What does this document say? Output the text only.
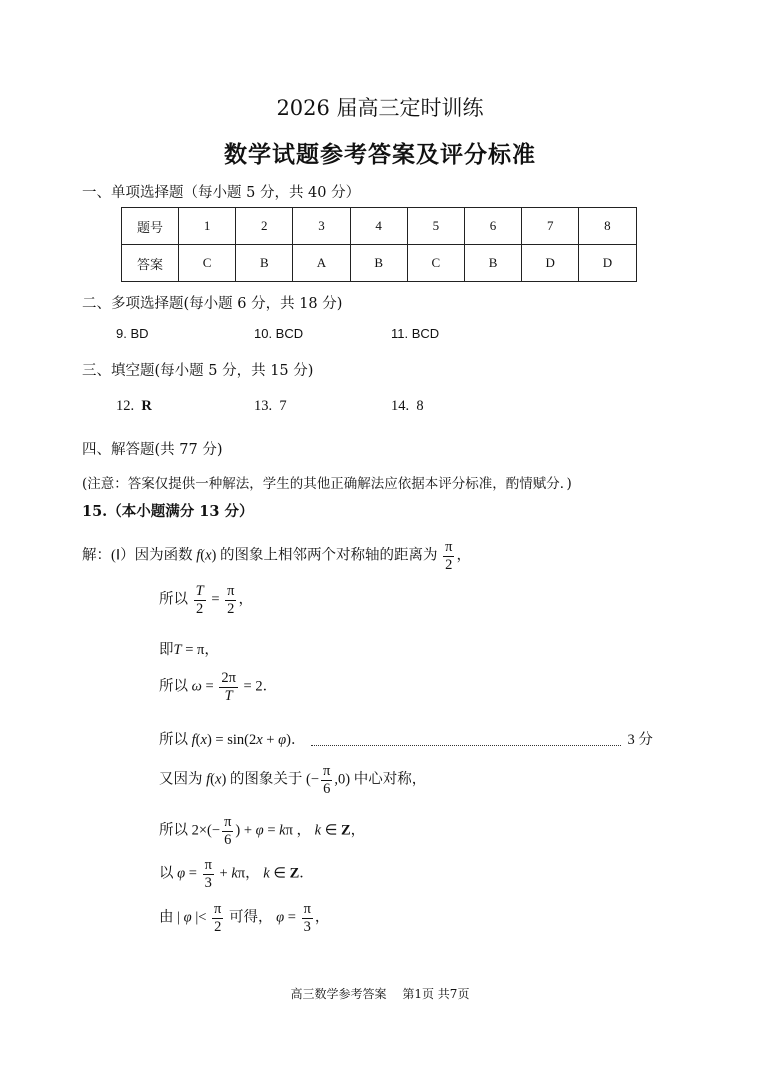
2026 届高三定时训练
数学试题参考答案及评分标准
一、单项选择题（每小题 5 分，共 40 分）
题号	1	2	3	4	5	6	7	8
答案	C	B	A	B	C	B	D	D
二、多项选择题(每小题 6 分，共 18 分)
9. BD	10. BCD	11. BCD
三、填空题(每小题 5 分，共 15 分)
12. R	13. 7	14. 8
四、解答题(共 77 分)
(注意：答案仅提供一种解法，学生的其他正确解法应依据本评分标准，酌情赋分．)
15.（本小题满分 13 分）
解：(Ⅰ）因为函数 f(x) 的图象上相邻两个对称轴的距离为 $\frac{\pi}{2}$ ，
所以 $\frac{T}{2} = \frac{\pi}{2}$ ，
即T = π，
所以 $\omega = \frac{2\pi}{T} = 2$．
所以 f(x) = sin(2x + φ)．	3 分
又因为 f(x) 的图象关于 (− $\frac{\pi}{6} ,0$) 中心对称，
所以 $2\times(- \frac{\pi}{6}$ ) + φ = kπ ， k ∈ Z，
以 $\varphi = \frac{\pi}{3} + k\pi$， k ∈ Z．
由 | φ |< $\frac{\pi}{2}$ 可得， $\varphi = \frac{\pi}{3}$ ，
高三数学参考答案　 第1页 共7页
